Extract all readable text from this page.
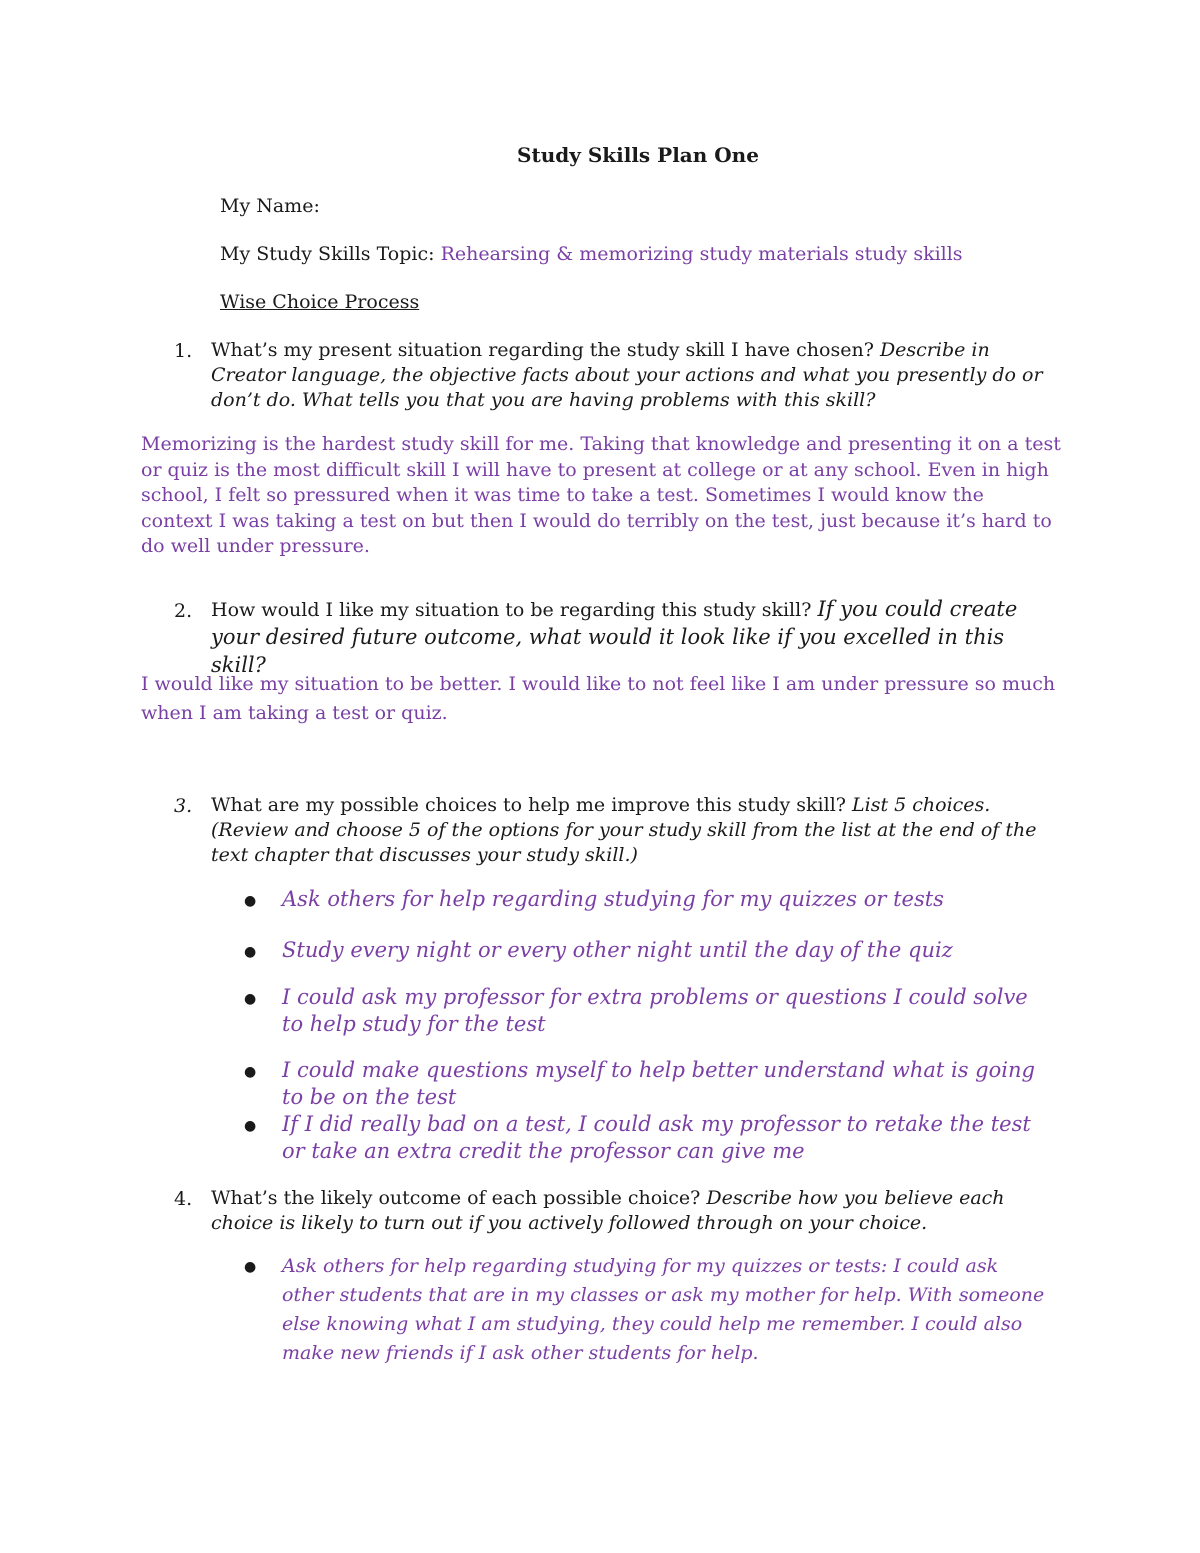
Study Skills Plan One

My Name:

My Study Skills Topic: Rehearsing & memorizing study materials study skills

Wise Choice Process

1. What’s my present situation regarding the study skill I have chosen? Describe in Creator language, the objective facts about your actions and what you presently do or don’t do. What tells you that you are having problems with this skill?
Memorizing is the hardest study skill for me. Taking that knowledge and presenting it on a test or quiz is the most difficult skill I will have to present at college or at any school. Even in high school, I felt so pressured when it was time to take a test. Sometimes I would know the context I was taking a test on but then I would do terribly on the test, just because it’s hard to do well under pressure.
2. How would I like my situation to be regarding this study skill? If you could create your desired future outcome, what would it look like if you excelled in this skill?
I would like my situation to be better. I would like to not feel like I am under pressure so much when I am taking a test or quiz.
3. What are my possible choices to help me improve this study skill? List 5 choices. (Review and choose 5 of the options for your study skill from the list at the end of the text chapter that discusses your study skill.)
● Ask others for help regarding studying for my quizzes or tests
● Study every night or every other night until the day of the quiz
● I could ask my professor for extra problems or questions I could solve to help study for the test
● I could make questions myself to help better understand what is going to be on the test
● If I did really bad on a test, I could ask my professor to retake the test or take an extra credit the professor can give me
4. What’s the likely outcome of each possible choice? Describe how you believe each choice is likely to turn out if you actively followed through on your choice.
● Ask others for help regarding studying for my quizzes or tests: I could ask other students that are in my classes or ask my mother for help. With someone else knowing what I am studying, they could help me remember. I could also make new friends if I ask other students for help.
